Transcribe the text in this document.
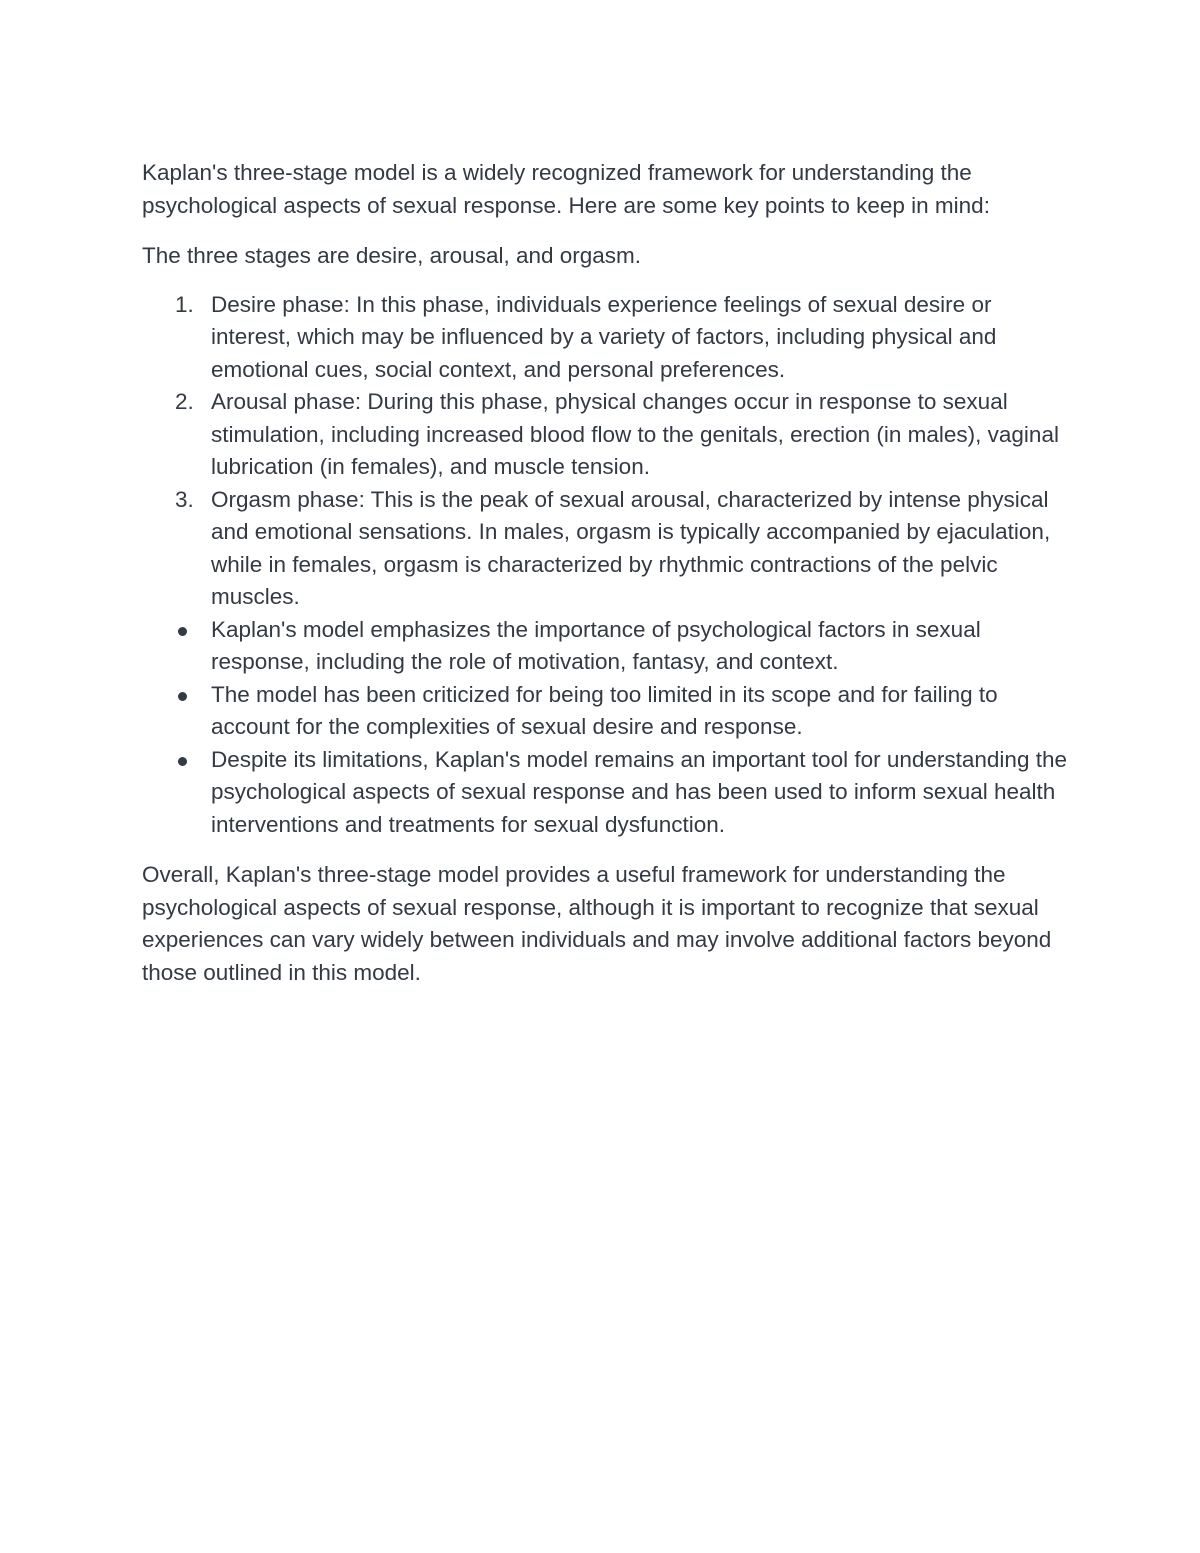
Kaplan's three-stage model is a widely recognized framework for understanding the psychological aspects of sexual response. Here are some key points to keep in mind:

The three stages are desire, arousal, and orgasm.

1. Desire phase: In this phase, individuals experience feelings of sexual desire or interest, which may be influenced by a variety of factors, including physical and emotional cues, social context, and personal preferences.
2. Arousal phase: During this phase, physical changes occur in response to sexual stimulation, including increased blood flow to the genitals, erection (in males), vaginal lubrication (in females), and muscle tension.
3. Orgasm phase: This is the peak of sexual arousal, characterized by intense physical and emotional sensations. In males, orgasm is typically accompanied by ejaculation, while in females, orgasm is characterized by rhythmic contractions of the pelvic muscles.
Kaplan's model emphasizes the importance of psychological factors in sexual response, including the role of motivation, fantasy, and context.
The model has been criticized for being too limited in its scope and for failing to account for the complexities of sexual desire and response.
Despite its limitations, Kaplan's model remains an important tool for understanding the psychological aspects of sexual response and has been used to inform sexual health interventions and treatments for sexual dysfunction.

Overall, Kaplan's three-stage model provides a useful framework for understanding the psychological aspects of sexual response, although it is important to recognize that sexual experiences can vary widely between individuals and may involve additional factors beyond those outlined in this model.
